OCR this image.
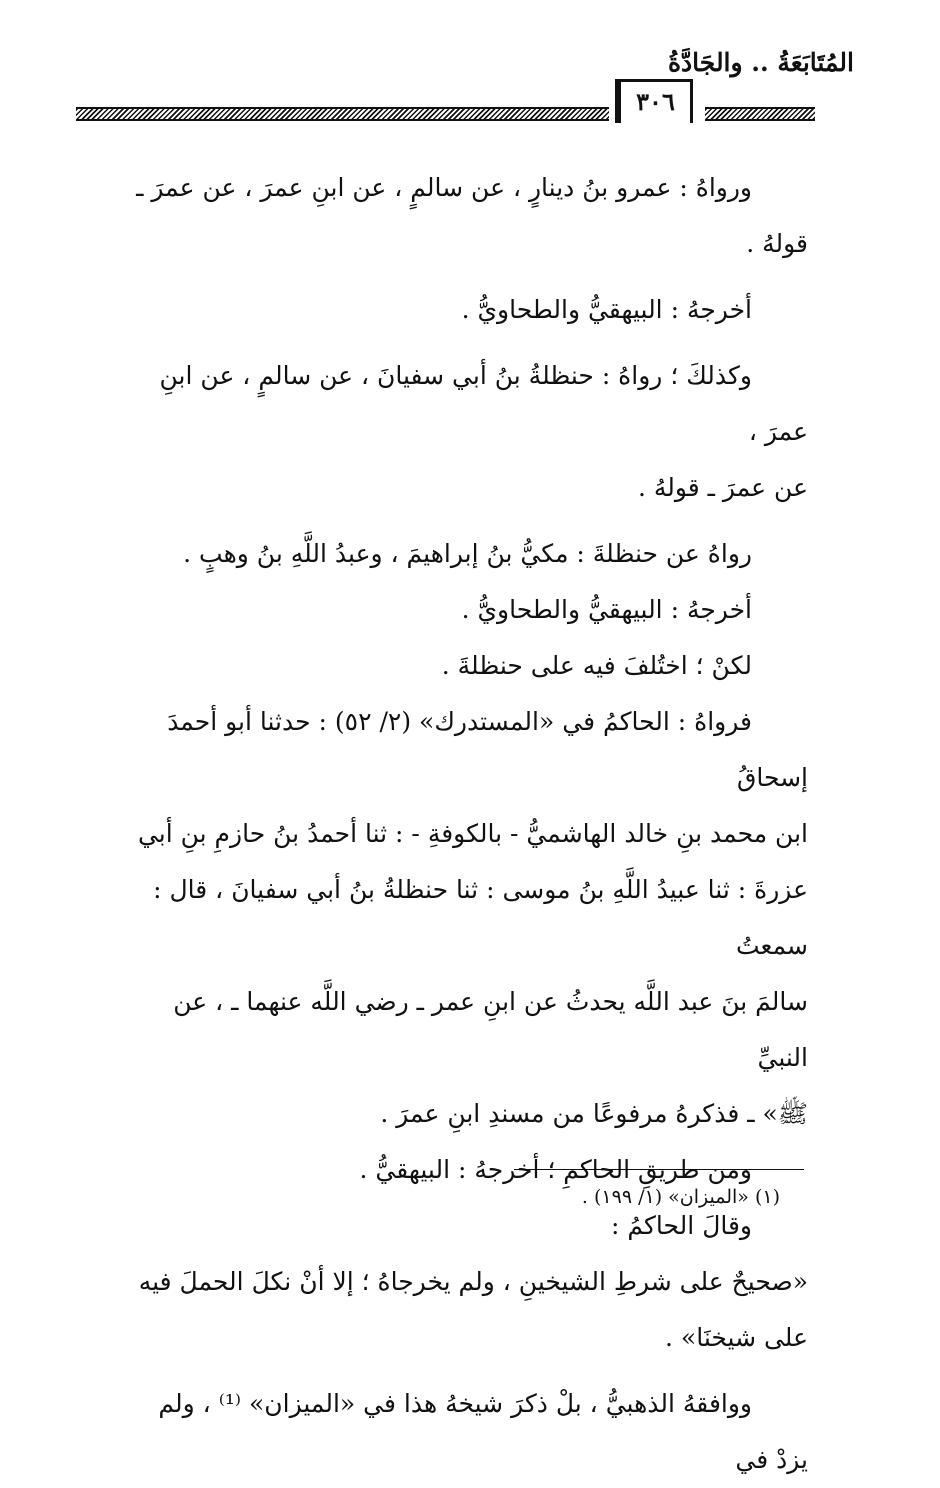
المُتَابَعَةُ .. والجَادَّةُ
٣٠٦

ورواهُ : عمرو بنُ دينارٍ ، عن سالمٍ ، عن ابنِ عمرَ ، عن عمرَ ـ

قولهُ .

أخرجهُ : البيهقيُّ والطحاويُّ .

وكذلكَ ؛ رواهُ : حنظلةُ بنُ أبي سفيانَ ، عن سالمٍ ، عن ابنِ عمرَ ،

عن عمرَ ـ قولهُ .

رواهُ عن حنظلةَ : مكيُّ بنُ إبراهيمَ ، وعبدُ اللَّهِ بنُ وهبٍ .

أخرجهُ : البيهقيُّ والطحاويُّ .

لكنْ ؛ اختُلفَ فيه على حنظلةَ .

فرواهُ : الحاكمُ في «المستدرك» (٢/ ٥٢) : حدثنا أبو أحمدَ إسحاقُ

ابن محمد بنِ خالد الهاشميُّ - بالكوفةِ - : ثنا أحمدُ بنُ حازمِ بنِ أبي

عزرةَ : ثنا عبيدُ اللَّهِ بنُ موسى : ثنا حنظلةُ بنُ أبي سفيانَ ، قال : سمعتُ

سالمَ بنَ عبد اللَّه يحدثُ عن ابنِ عمر ـ رضي اللَّه عنهما ـ ، عن النبيِّ

ﷺ» ـ فذكرهُ مرفوعًا من مسندِ ابنِ عمرَ .

ومن طريقِ الحاكمِ ؛ أخرجهُ : البيهقيُّ .

وقالَ الحاكمُ :

«صحيحٌ على شرطِ الشيخينِ ، ولم يخرجاهُ ؛ إلا أنْ نكلَ الحملَ فيه

على شيخنَا» .

ووافقهُ الذهبيُّ ، بلْ ذكرَ شيخهُ هذا في «الميزان» ⁽¹⁾ ، ولم يزدْ في

(١) «الميزان» (١/ ١٩٩) .
